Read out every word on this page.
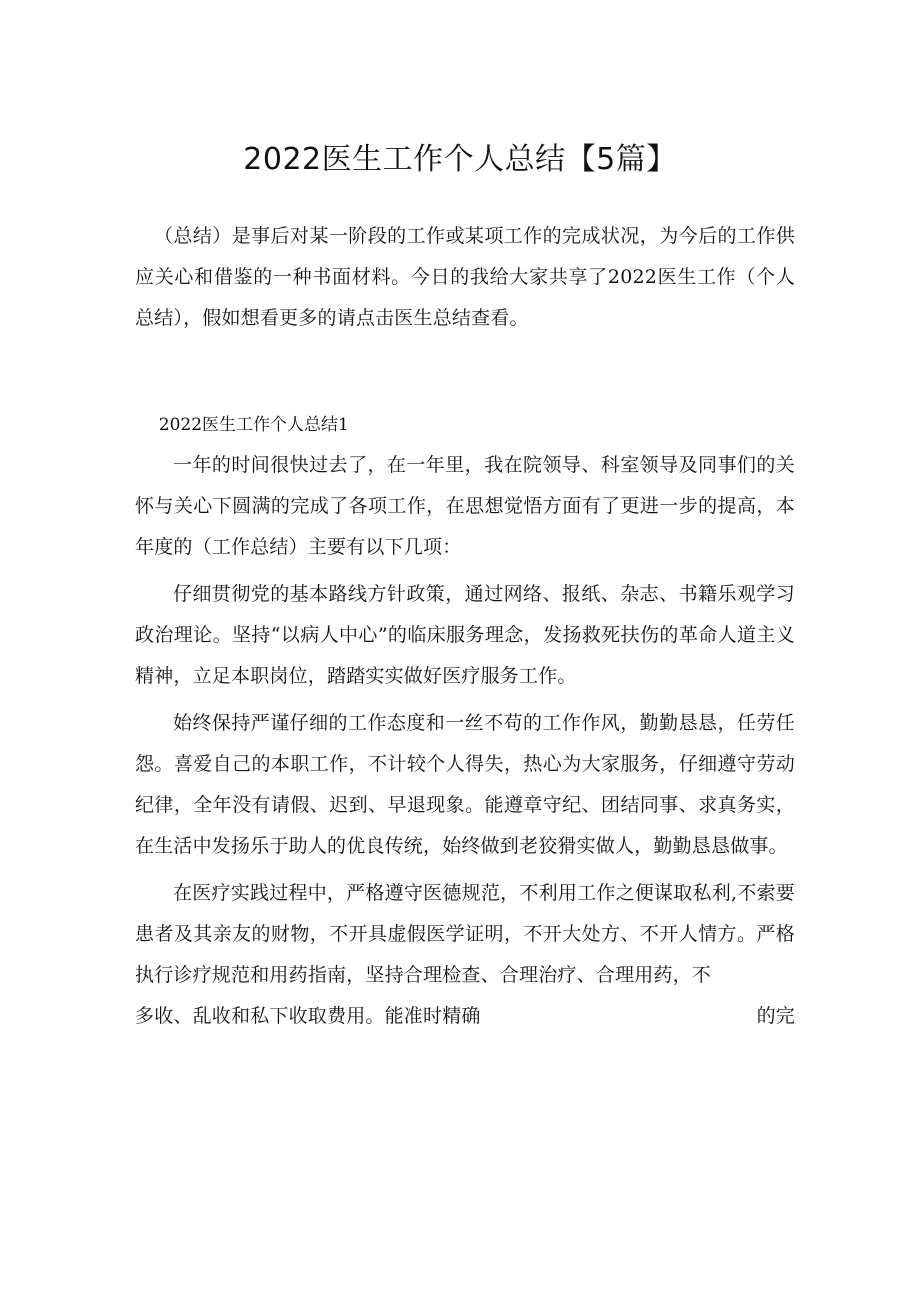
2022医生工作个人总结【5篇】

（总结）是事后对某一阶段的工作或某项工作的完成状况，为今后的工作供应关心和借鉴的一种书面材料。今日的我给大家共享了2022医生工作（个人总结），假如想看更多的请点击医生总结查看。

2022医生工作个人总结1

一年的时间很快过去了，在一年里，我在院领导、科室领导及同事们的关怀与关心下圆满的完成了各项工作，在思想觉悟方面有了更进一步的提高，本年度的（工作总结）主要有以下几项：

仔细贯彻党的基本路线方针政策，通过网络、报纸、杂志、书籍乐观学习政治理论。坚持“以病人中心”的临床服务理念，发扬救死扶伤的革命人道主义精神，立足本职岗位，踏踏实实做好医疗服务工作。

始终保持严谨仔细的工作态度和一丝不苟的工作作风，勤勤恳恳，任劳任怨。喜爱自己的本职工作，不计较个人得失，热心为大家服务，仔细遵守劳动纪律，全年没有请假、迟到、早退现象。能遵章守纪、团结同事、求真务实，在生活中发扬乐于助人的优良传统，始终做到老狡猾实做人，勤勤恳恳做事。

在医疗实践过程中，严格遵守医德规范，不利用工作之便谋取私利,不索要患者及其亲友的财物，不开具虚假医学证明，不开大处方、不开人情方。严格执行诊疗规范和用药指南，坚持合理检查、合理治疗、合理用药，不

多收、乱收和私下收取费用。能准时精确	的完
